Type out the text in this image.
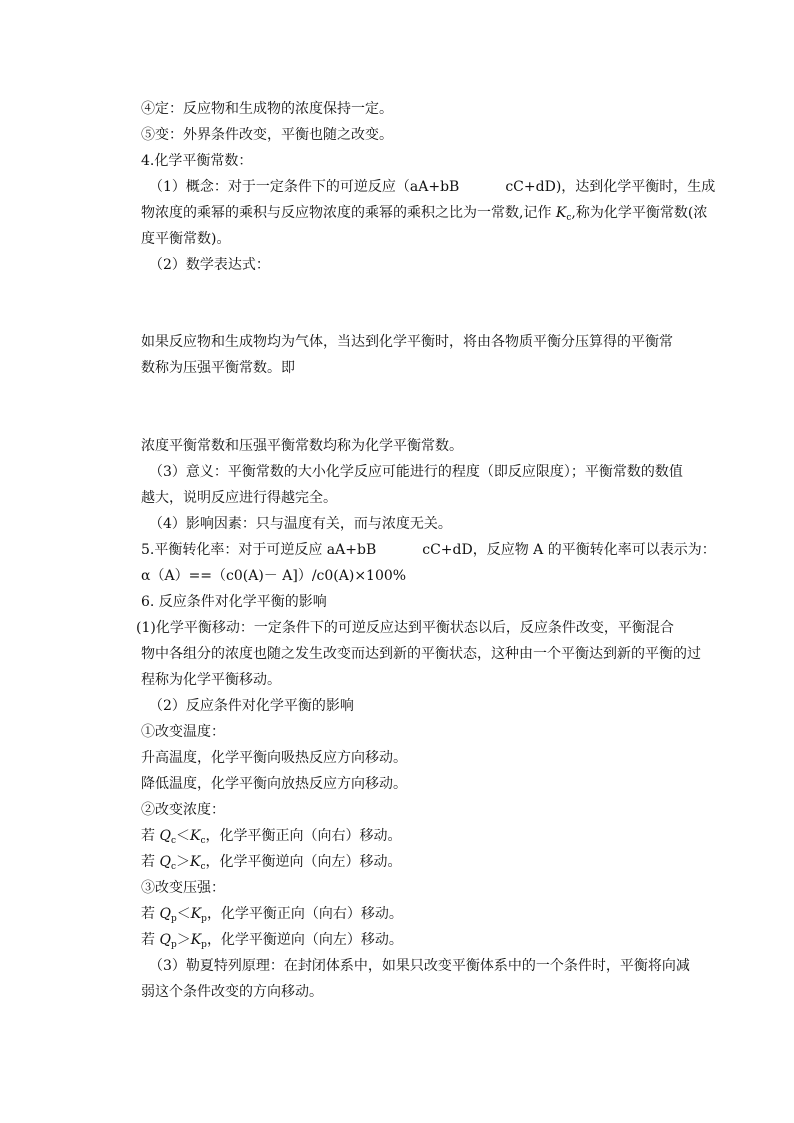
④定：反应物和生成物的浓度保持一定。
⑤变：外界条件改变，平衡也随之改变。
4.化学平衡常数：
（1）概念：对于一定条件下的可逆反应（aA+bB	cC+dD)，达到化学平衡时，生成
物浓度的乘幂的乘积与反应物浓度的乘幂的乘积之比为一常数,记作 $K_c$,称为化学平衡常数(浓
度平衡常数)。
（2）数学表达式：
如果反应物和生成物均为气体，当达到化学平衡时，将由各物质平衡分压算得的平衡常
数称为压强平衡常数。即
浓度平衡常数和压强平衡常数均称为化学平衡常数。
（3）意义：平衡常数的大小化学反应可能进行的程度（即反应限度）；平衡常数的数值
越大，说明反应进行得越完全。
（4）影响因素：只与温度有关，而与浓度无关。
5.平衡转化率：对于可逆反应 aA+bB	cC+dD，反应物 A 的平衡转化率可以表示为：
α（A）==（c0(A)－ A]）/c0(A)×100%
6. 反应条件对化学平衡的影响
(1)化学平衡移动：一定条件下的可逆反应达到平衡状态以后，反应条件改变，平衡混合
物中各组分的浓度也随之发生改变而达到新的平衡状态，这种由一个平衡达到新的平衡的过
程称为化学平衡移动。
（2）反应条件对化学平衡的影响
①改变温度：
升高温度，化学平衡向吸热反应方向移动。
降低温度，化学平衡向放热反应方向移动。
②改变浓度：
若 $Q_c<K_c$，化学平衡正向（向右）移动。
若 $Q_c>K_c$，化学平衡逆向（向左）移动。
③改变压强：
若 $Q_p<K_p$，化学平衡正向（向右）移动。
若 $Q_p>K_p$，化学平衡逆向（向左）移动。
（3）勒夏特列原理：在封闭体系中，如果只改变平衡体系中的一个条件时，平衡将向减
弱这个条件改变的方向移动。
